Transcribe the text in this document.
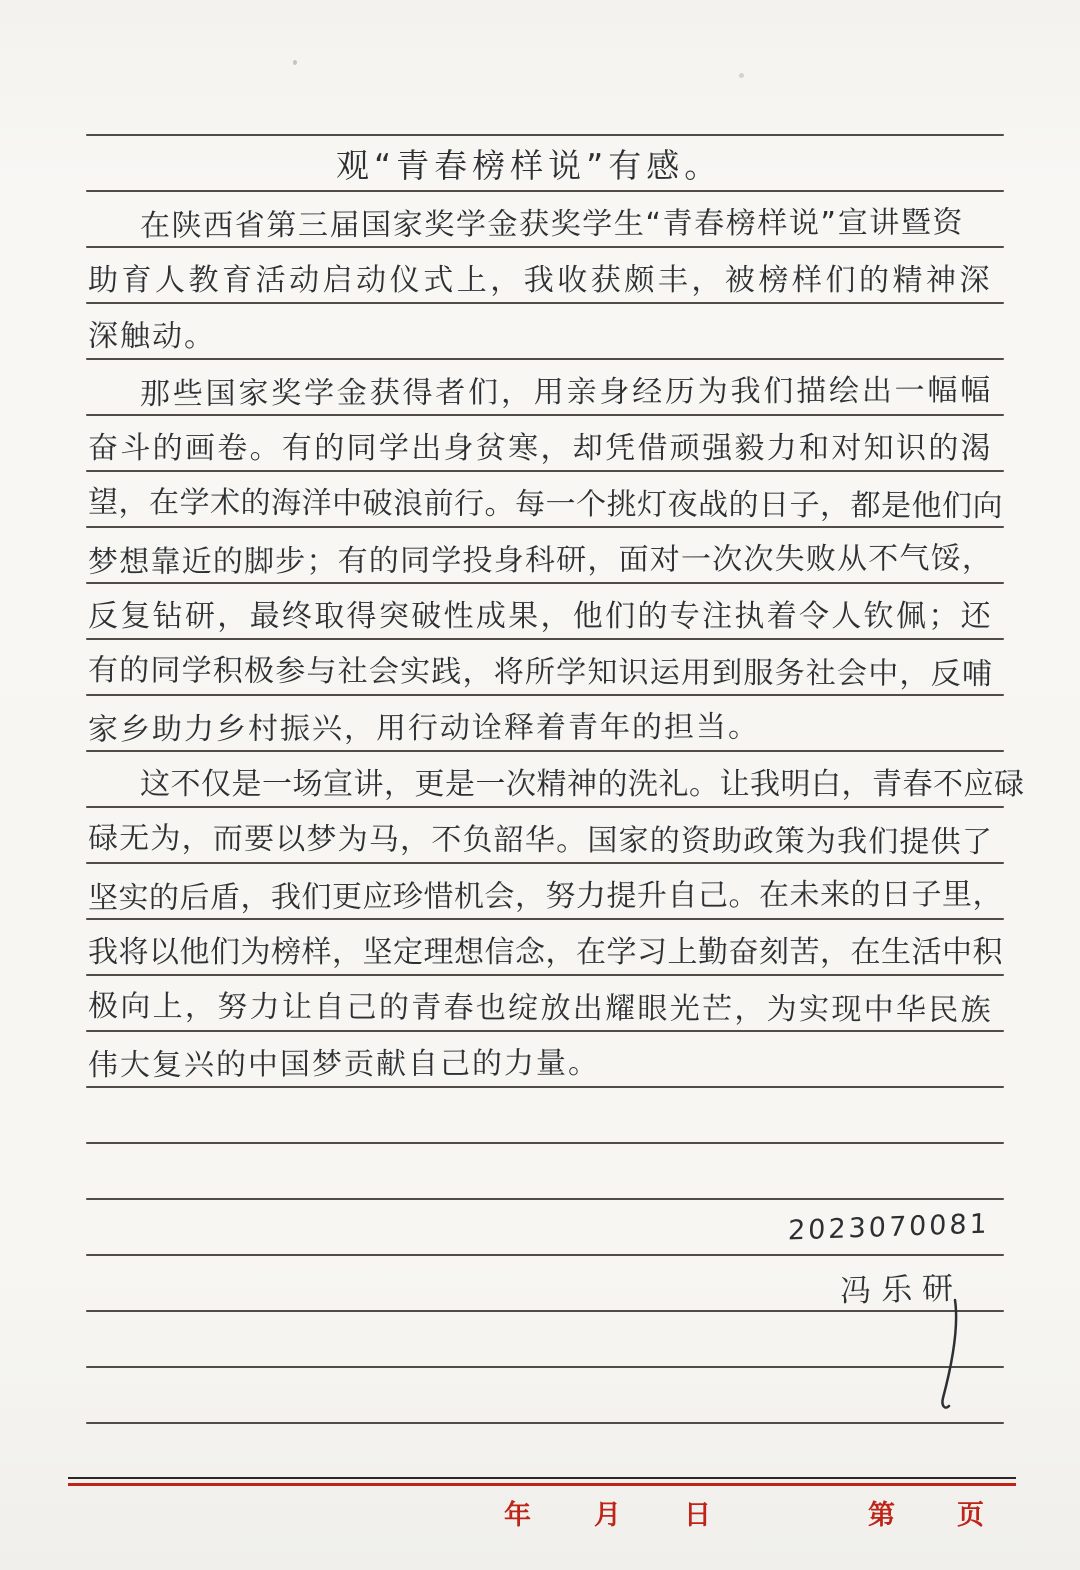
观“青春榜样说”有感。
在陕西省第三届国家奖学金获奖学生“青春榜样说”宣讲暨资
助育人教育活动启动仪式上，我收获颇丰，被榜样们的精神深
深触动。
那些国家奖学金获得者们，用亲身经历为我们描绘出一幅幅
奋斗的画卷。有的同学出身贫寒，却凭借顽强毅力和对知识的渴
望，在学术的海洋中破浪前行。每一个挑灯夜战的日子，都是他们向
梦想靠近的脚步；有的同学投身科研，面对一次次失败从不气馁，
反复钻研，最终取得突破性成果，他们的专注执着令人钦佩；还
有的同学积极参与社会实践，将所学知识运用到服务社会中，反哺
家乡助力乡村振兴，用行动诠释着青年的担当。
这不仅是一场宣讲，更是一次精神的洗礼。让我明白，青春不应碌
碌无为，而要以梦为马，不负韶华。国家的资助政策为我们提供了
坚实的后盾，我们更应珍惜机会，努力提升自己。在未来的日子里，
我将以他们为榜样，坚定理想信念，在学习上勤奋刻苦，在生活中积
极向上，努力让自己的青春也绽放出耀眼光芒，为实现中华民族
伟大复兴的中国梦贡献自己的力量。
2023070081
冯乐研
年 月 日	第 页
